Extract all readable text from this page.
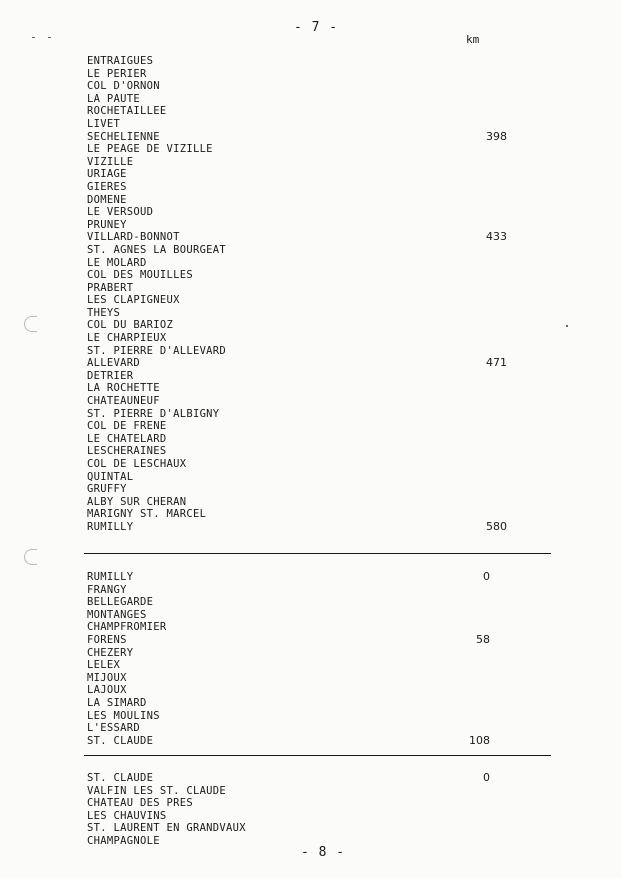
- 7 -
km
ENTRAIGUES
LE PERIER
COL D'ORNON
LA PAUTE
ROCHETAILLEE
LIVET
SECHELIENNE	398
LE PEAGE DE VIZILLE
VIZILLE
URIAGE
GIERES
DOMENE
LE VERSOUD
PRUNEY
VILLARD-BONNOT	433
ST. AGNES LA BOURGEAT
LE MOLARD
COL DES MOUILLES
PRABERT
LES CLAPIGNEUX
THEYS
COL DU BARIOZ
LE CHARPIEUX
ST. PIERRE D'ALLEVARD
ALLEVARD	471
DETRIER
LA ROCHETTE
CHATEAUNEUF
ST. PIERRE D'ALBIGNY
COL DE FRENE
LE CHATELARD
LESCHERAINES
COL DE LESCHAUX
QUINTAL
GRUFFY
ALBY SUR CHERAN
MARIGNY ST. MARCEL
RUMILLY	580
RUMILLY	0
FRANGY
BELLEGARDE
MONTANGES
CHAMPFROMIER
FORENS	58
CHEZERY
LELEX
MIJOUX
LAJOUX
LA SIMARD
LES MOULINS
L'ESSARD
ST. CLAUDE	108
ST. CLAUDE	0
VALFIN LES ST. CLAUDE
CHATEAU DES PRES
LES CHAUVINS
ST. LAURENT EN GRANDVAUX
CHAMPAGNOLE
- 8 -
